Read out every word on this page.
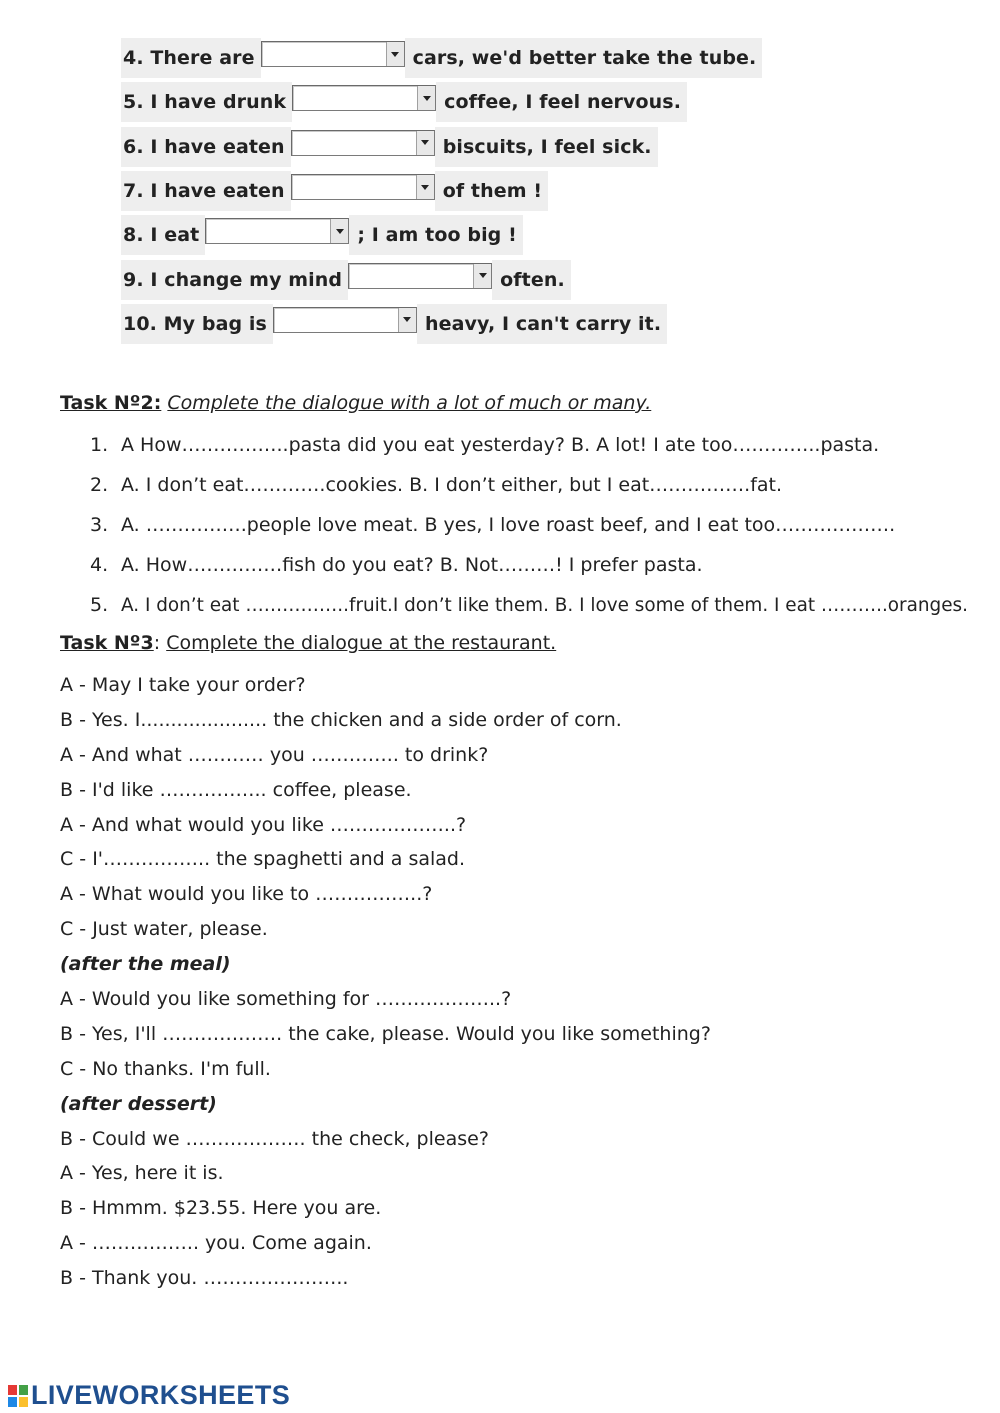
4. There are	cars, we'd better take the tube.
5. I have drunk	coffee, I feel nervous.
6. I have eaten	biscuits, I feel sick.
7. I have eaten	of them !
8. I eat	; I am too big !
9. I change my mind	often.
10. My bag is	heavy, I can't carry it.
Task Nº2: Complete the dialogue with a lot of much or many.
1. A How……………..pasta did you eat yesterday? B. A lot! I ate too…………..pasta.
2. A. I don’t eat………….cookies. B. I don’t either, but I eat…………….fat.
3. A. …………….people love meat. B yes, I love roast beef, and I eat too……………….
4. A. How……………fish do you eat? B. Not………! I prefer pasta.
5. A. I don’t eat ……………..fruit.I don’t like them. B. I love some of them. I eat ………..oranges.
Task Nº3: Complete the dialogue at the restaurant.
A - May I take your order?
B - Yes. I..................... the chicken and a side order of corn.
A - And what ………… you ………….. to drink?
B - I'd like …………….. coffee, please.
A - And what would you like ………………..?
C - I'…………….. the spaghetti and a salad.
A - What would you like to ……………..?
C - Just water, please.
(after the meal)
A - Would you like something for ………………..?
B - Yes, I'll ………………. the cake, please. Would you like something?
C - No thanks. I'm full.
(after dessert)
B - Could we ………………. the check, please?
A - Yes, here it is.
B - Hmmm. $23.55. Here you are.
A - …………….. you. Come again.
B - Thank you. …………………..
LIVEWORKSHEETS
